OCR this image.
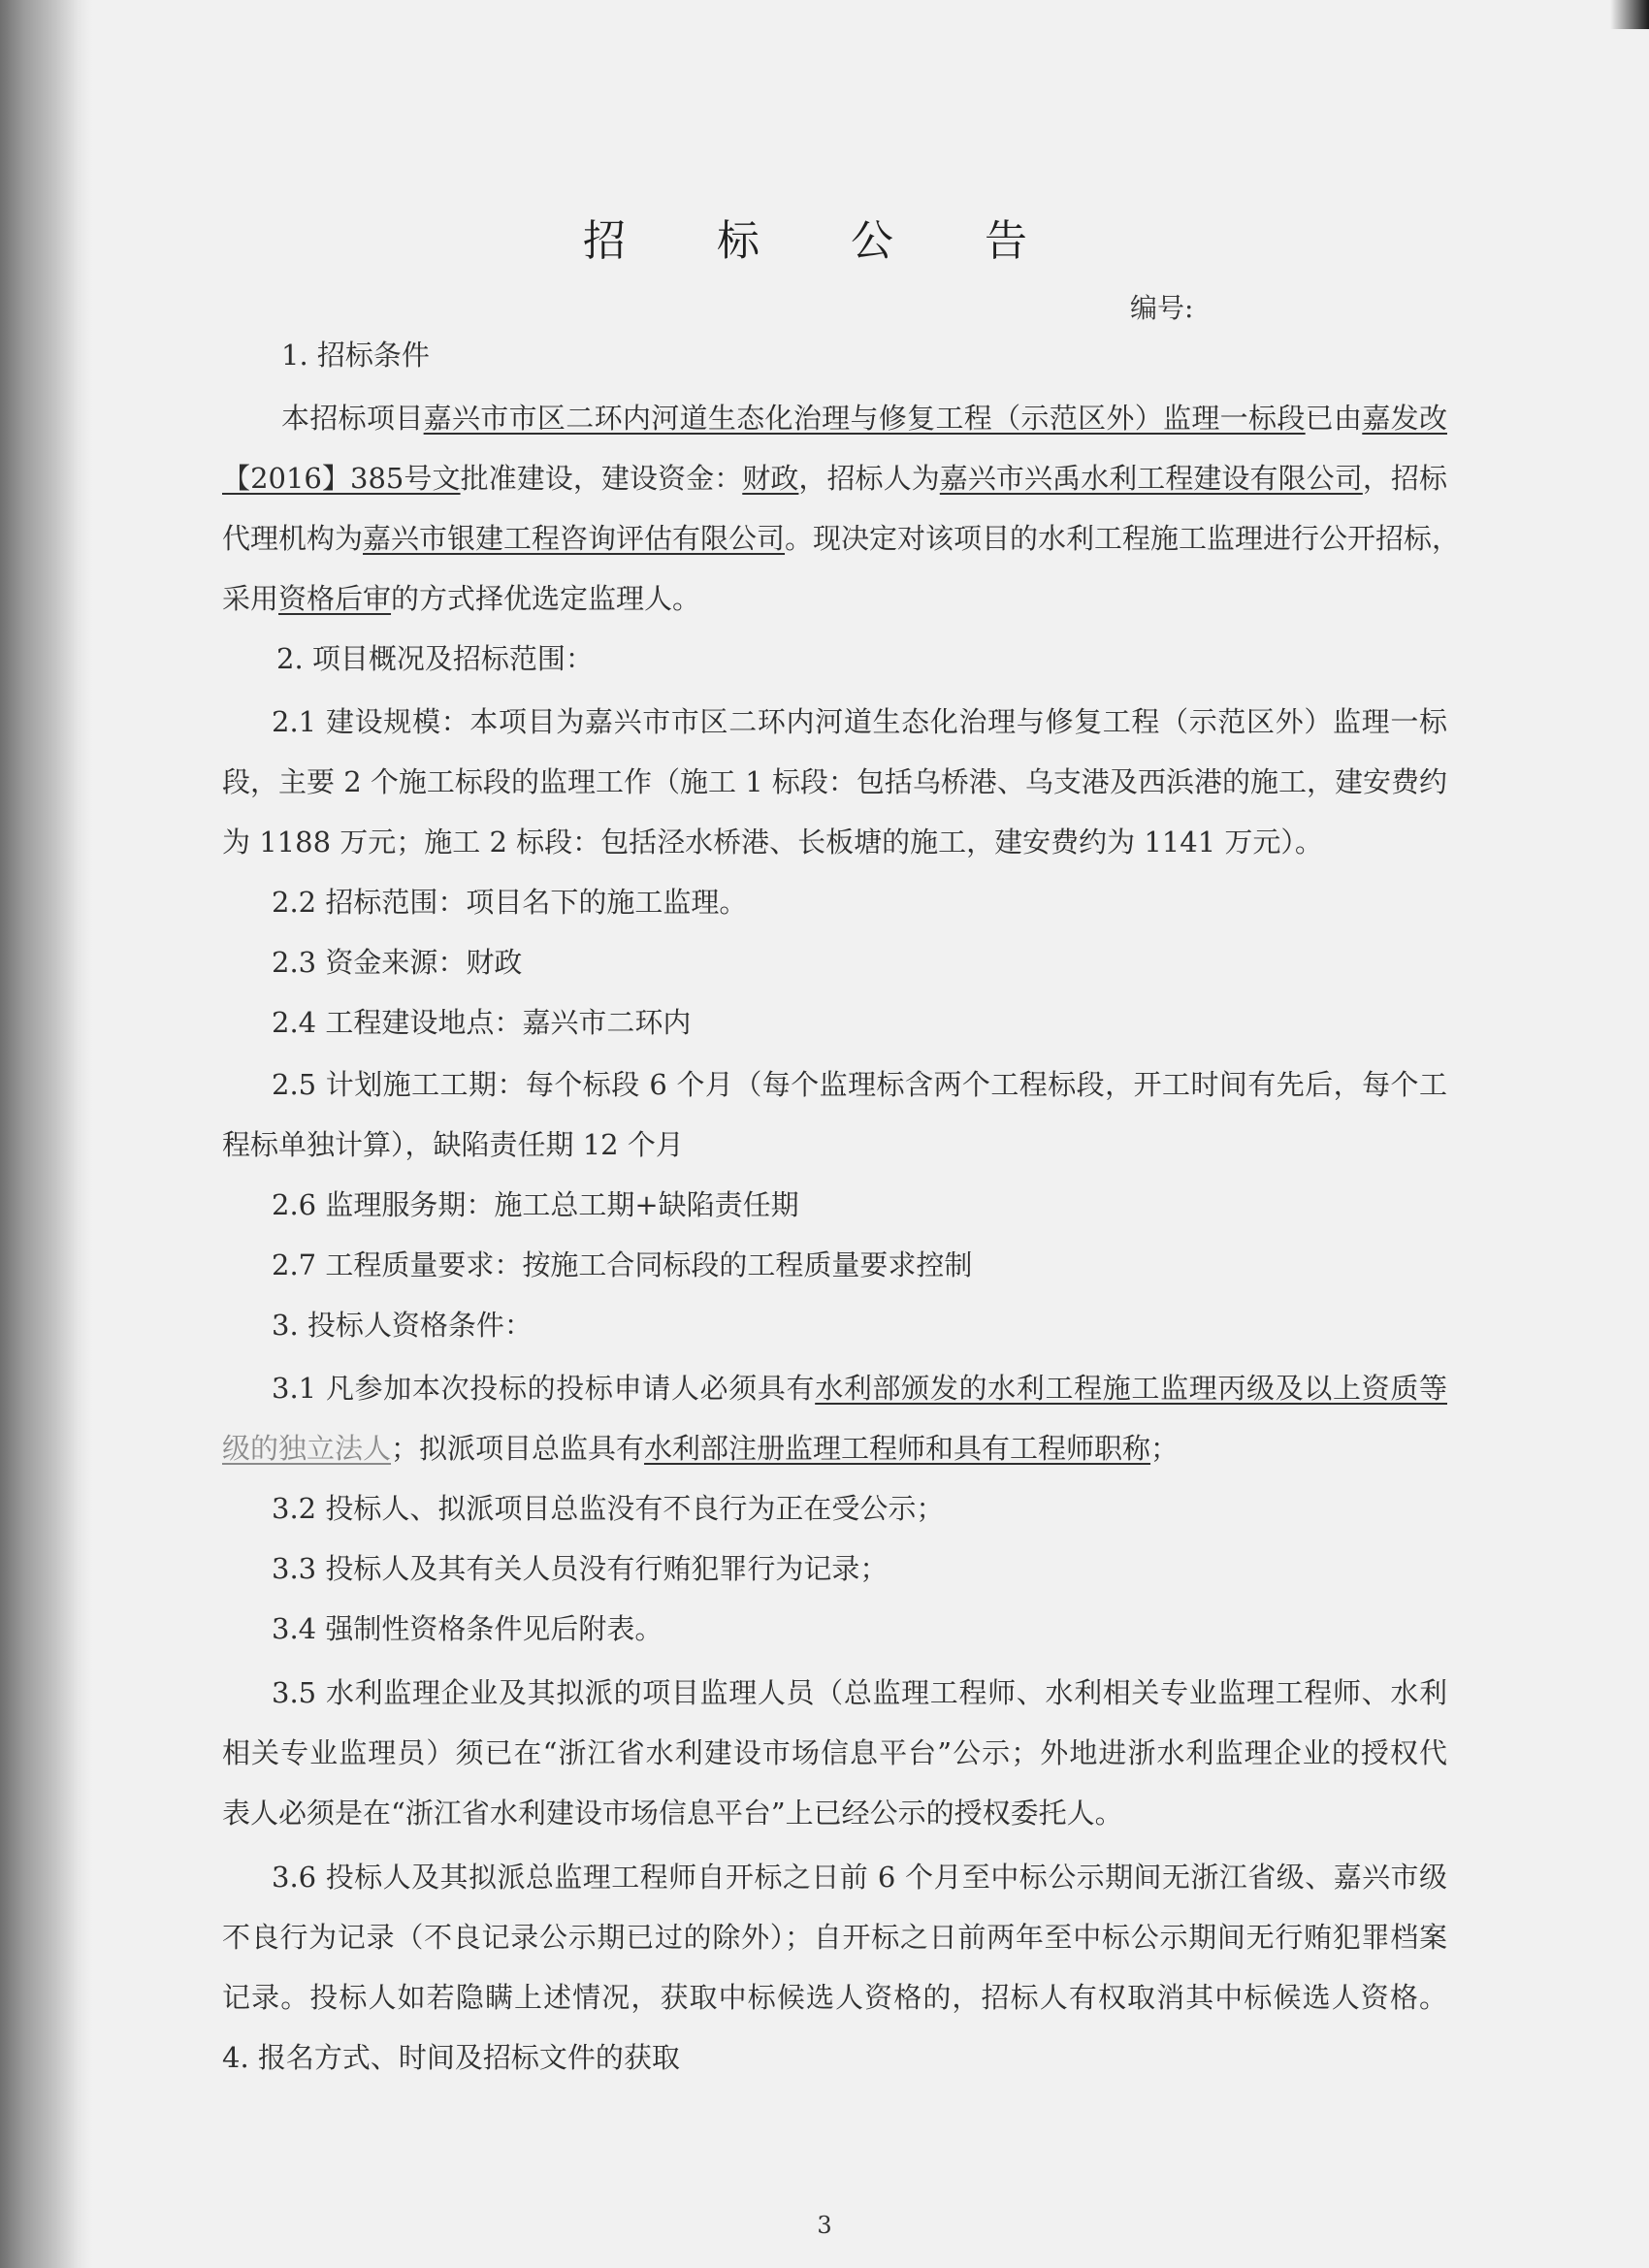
招 标 公 告
编号:
1. 招标条件
本招标项目嘉兴市市区二环内河道生态化治理与修复工程（示范区外）监理一标段已由嘉发改
【2016】385号文批准建设，建设资金：财政，招标人为嘉兴市兴禹水利工程建设有限公司，招标
代理机构为嘉兴市银建工程咨询评估有限公司。现决定对该项目的水利工程施工监理进行公开招标，
采用资格后审的方式择优选定监理人。
2. 项目概况及招标范围：
2.1 建设规模：本项目为嘉兴市市区二环内河道生态化治理与修复工程（示范区外）监理一标
段，主要 2 个施工标段的监理工作（施工 1 标段：包括乌桥港、乌支港及西浜港的施工，建安费约
为 1188 万元；施工 2 标段：包括泾水桥港、长板塘的施工，建安费约为 1141 万元）。
2.2 招标范围：项目名下的施工监理。
2.3 资金来源：财政
2.4 工程建设地点：嘉兴市二环内
2.5 计划施工工期：每个标段 6 个月（每个监理标含两个工程标段，开工时间有先后，每个工
程标单独计算），缺陷责任期 12 个月
2.6 监理服务期：施工总工期+缺陷责任期
2.7 工程质量要求：按施工合同标段的工程质量要求控制
3. 投标人资格条件：
3.1 凡参加本次投标的投标申请人必须具有水利部颁发的水利工程施工监理丙级及以上资质等
级的独立法人；拟派项目总监具有水利部注册监理工程师和具有工程师职称；
3.2 投标人、拟派项目总监没有不良行为正在受公示；
3.3 投标人及其有关人员没有行贿犯罪行为记录；
3.4 强制性资格条件见后附表。
3.5 水利监理企业及其拟派的项目监理人员（总监理工程师、水利相关专业监理工程师、水利
相关专业监理员）须已在“浙江省水利建设市场信息平台”公示；外地进浙水利监理企业的授权代
表人必须是在“浙江省水利建设市场信息平台”上已经公示的授权委托人。
3.6 投标人及其拟派总监理工程师自开标之日前 6 个月至中标公示期间无浙江省级、嘉兴市级
不良行为记录（不良记录公示期已过的除外）；自开标之日前两年至中标公示期间无行贿犯罪档案
记录。投标人如若隐瞒上述情况，获取中标候选人资格的，招标人有权取消其中标候选人资格。
4. 报名方式、时间及招标文件的获取
3
